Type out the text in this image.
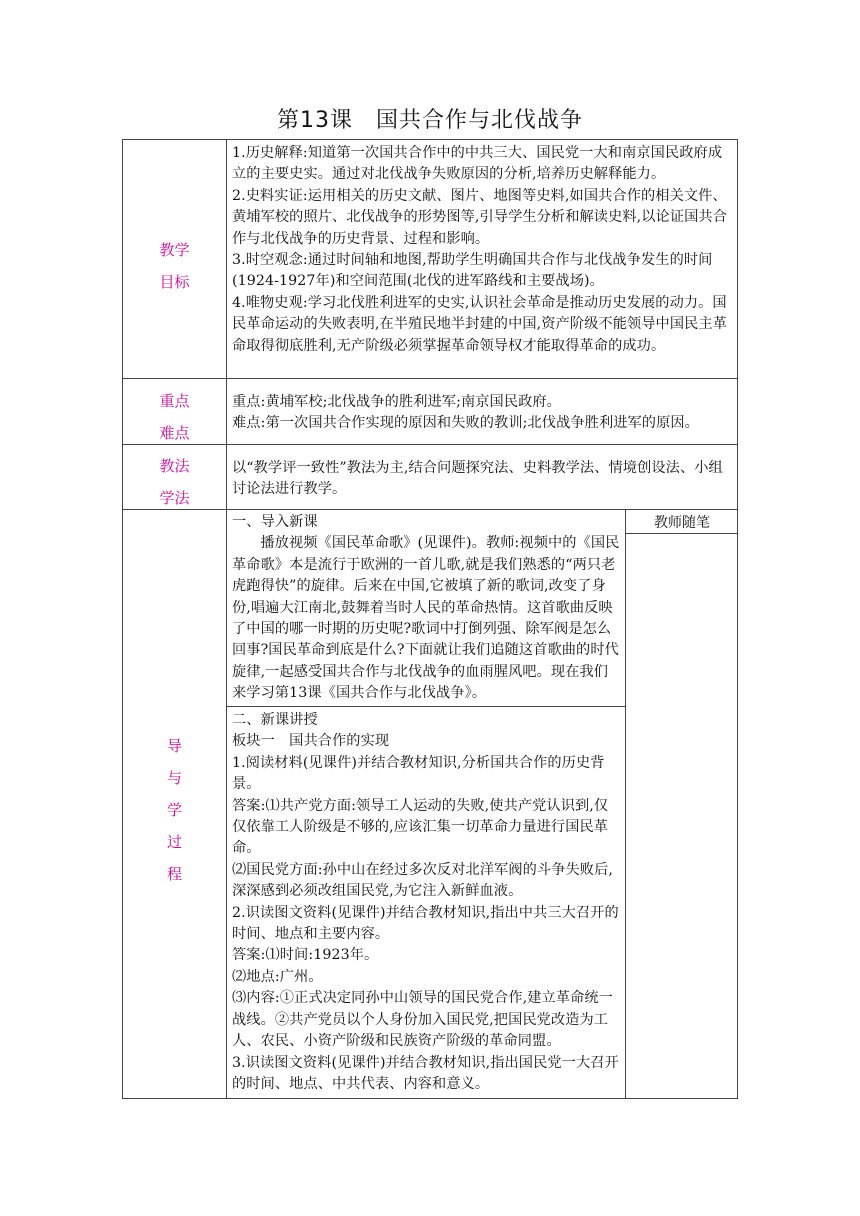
第13课　国共合作与北伐战争
教学
目标

1.历史解释:知道第一次国共合作中的中共三大、国民党一大和南京国民政府成立的主要史实。通过对北伐战争失败原因的分析,培养历史解释能力。

2.史料实证:运用相关的历史文献、图片、地图等史料,如国共合作的相关文件、黄埔军校的照片、北伐战争的形势图等,引导学生分析和解读史料,以论证国共合作与北伐战争的历史背景、过程和影响。

3.时空观念:通过时间轴和地图,帮助学生明确国共合作与北伐战争发生的时间(1924-1927年)和空间范围(北伐的进军路线和主要战场)。

4.唯物史观:学习北伐胜利进军的史实,认识社会革命是推动历史发展的动力。国民革命运动的失败表明,在半殖民地半封建的中国,资产阶级不能领导中国民主革命取得彻底胜利,无产阶级必须掌握革命领导权才能取得革命的成功。

重点
难点

重点:黄埔军校;北伐战争的胜利进军;南京国民政府。

难点:第一次国共合作实现的原因和失败的教训;北伐战争胜利进军的原因。

教法
学法

以“教学评一致性”教法为主,结合问题探究法、史料教学法、情境创设法、小组讨论法进行教学。

导
与
学
过
程

一、导入新课

播放视频《国民革命歌》(见课件)。教师:视频中的《国民革命歌》本是流行于欧洲的一首儿歌,就是我们熟悉的“两只老虎跑得快”的旋律。后来在中国,它被填了新的歌词,改变了身份,唱遍大江南北,鼓舞着当时人民的革命热情。这首歌曲反映了中国的哪一时期的历史呢?歌词中打倒列强、除军阀是怎么回事?国民革命到底是什么?下面就让我们追随这首歌曲的时代旋律,一起感受国共合作与北伐战争的血雨腥风吧。现在我们来学习第13课《国共合作与北伐战争》。

二、新课讲授

板块一　国共合作的实现

1.阅读材料(见课件)并结合教材知识,分析国共合作的历史背景。

答案:⑴共产党方面:领导工人运动的失败,使共产党认识到,仅仅依靠工人阶级是不够的,应该汇集一切革命力量进行国民革命。

⑵国民党方面:孙中山在经过多次反对北洋军阀的斗争失败后,深深感到必须改组国民党,为它注入新鲜血液。

2.识读图文资料(见课件)并结合教材知识,指出中共三大召开的时间、地点和主要内容。

答案:⑴时间:1923年。

⑵地点:广州。

⑶内容:①正式决定同孙中山领导的国民党合作,建立革命统一战线。②共产党员以个人身份加入国民党,把国民党改造为工人、农民、小资产阶级和民族资产阶级的革命同盟。

3.识读图文资料(见课件)并结合教材知识,指出国民党一大召开的时间、地点、中共代表、内容和意义。

教师随笔
